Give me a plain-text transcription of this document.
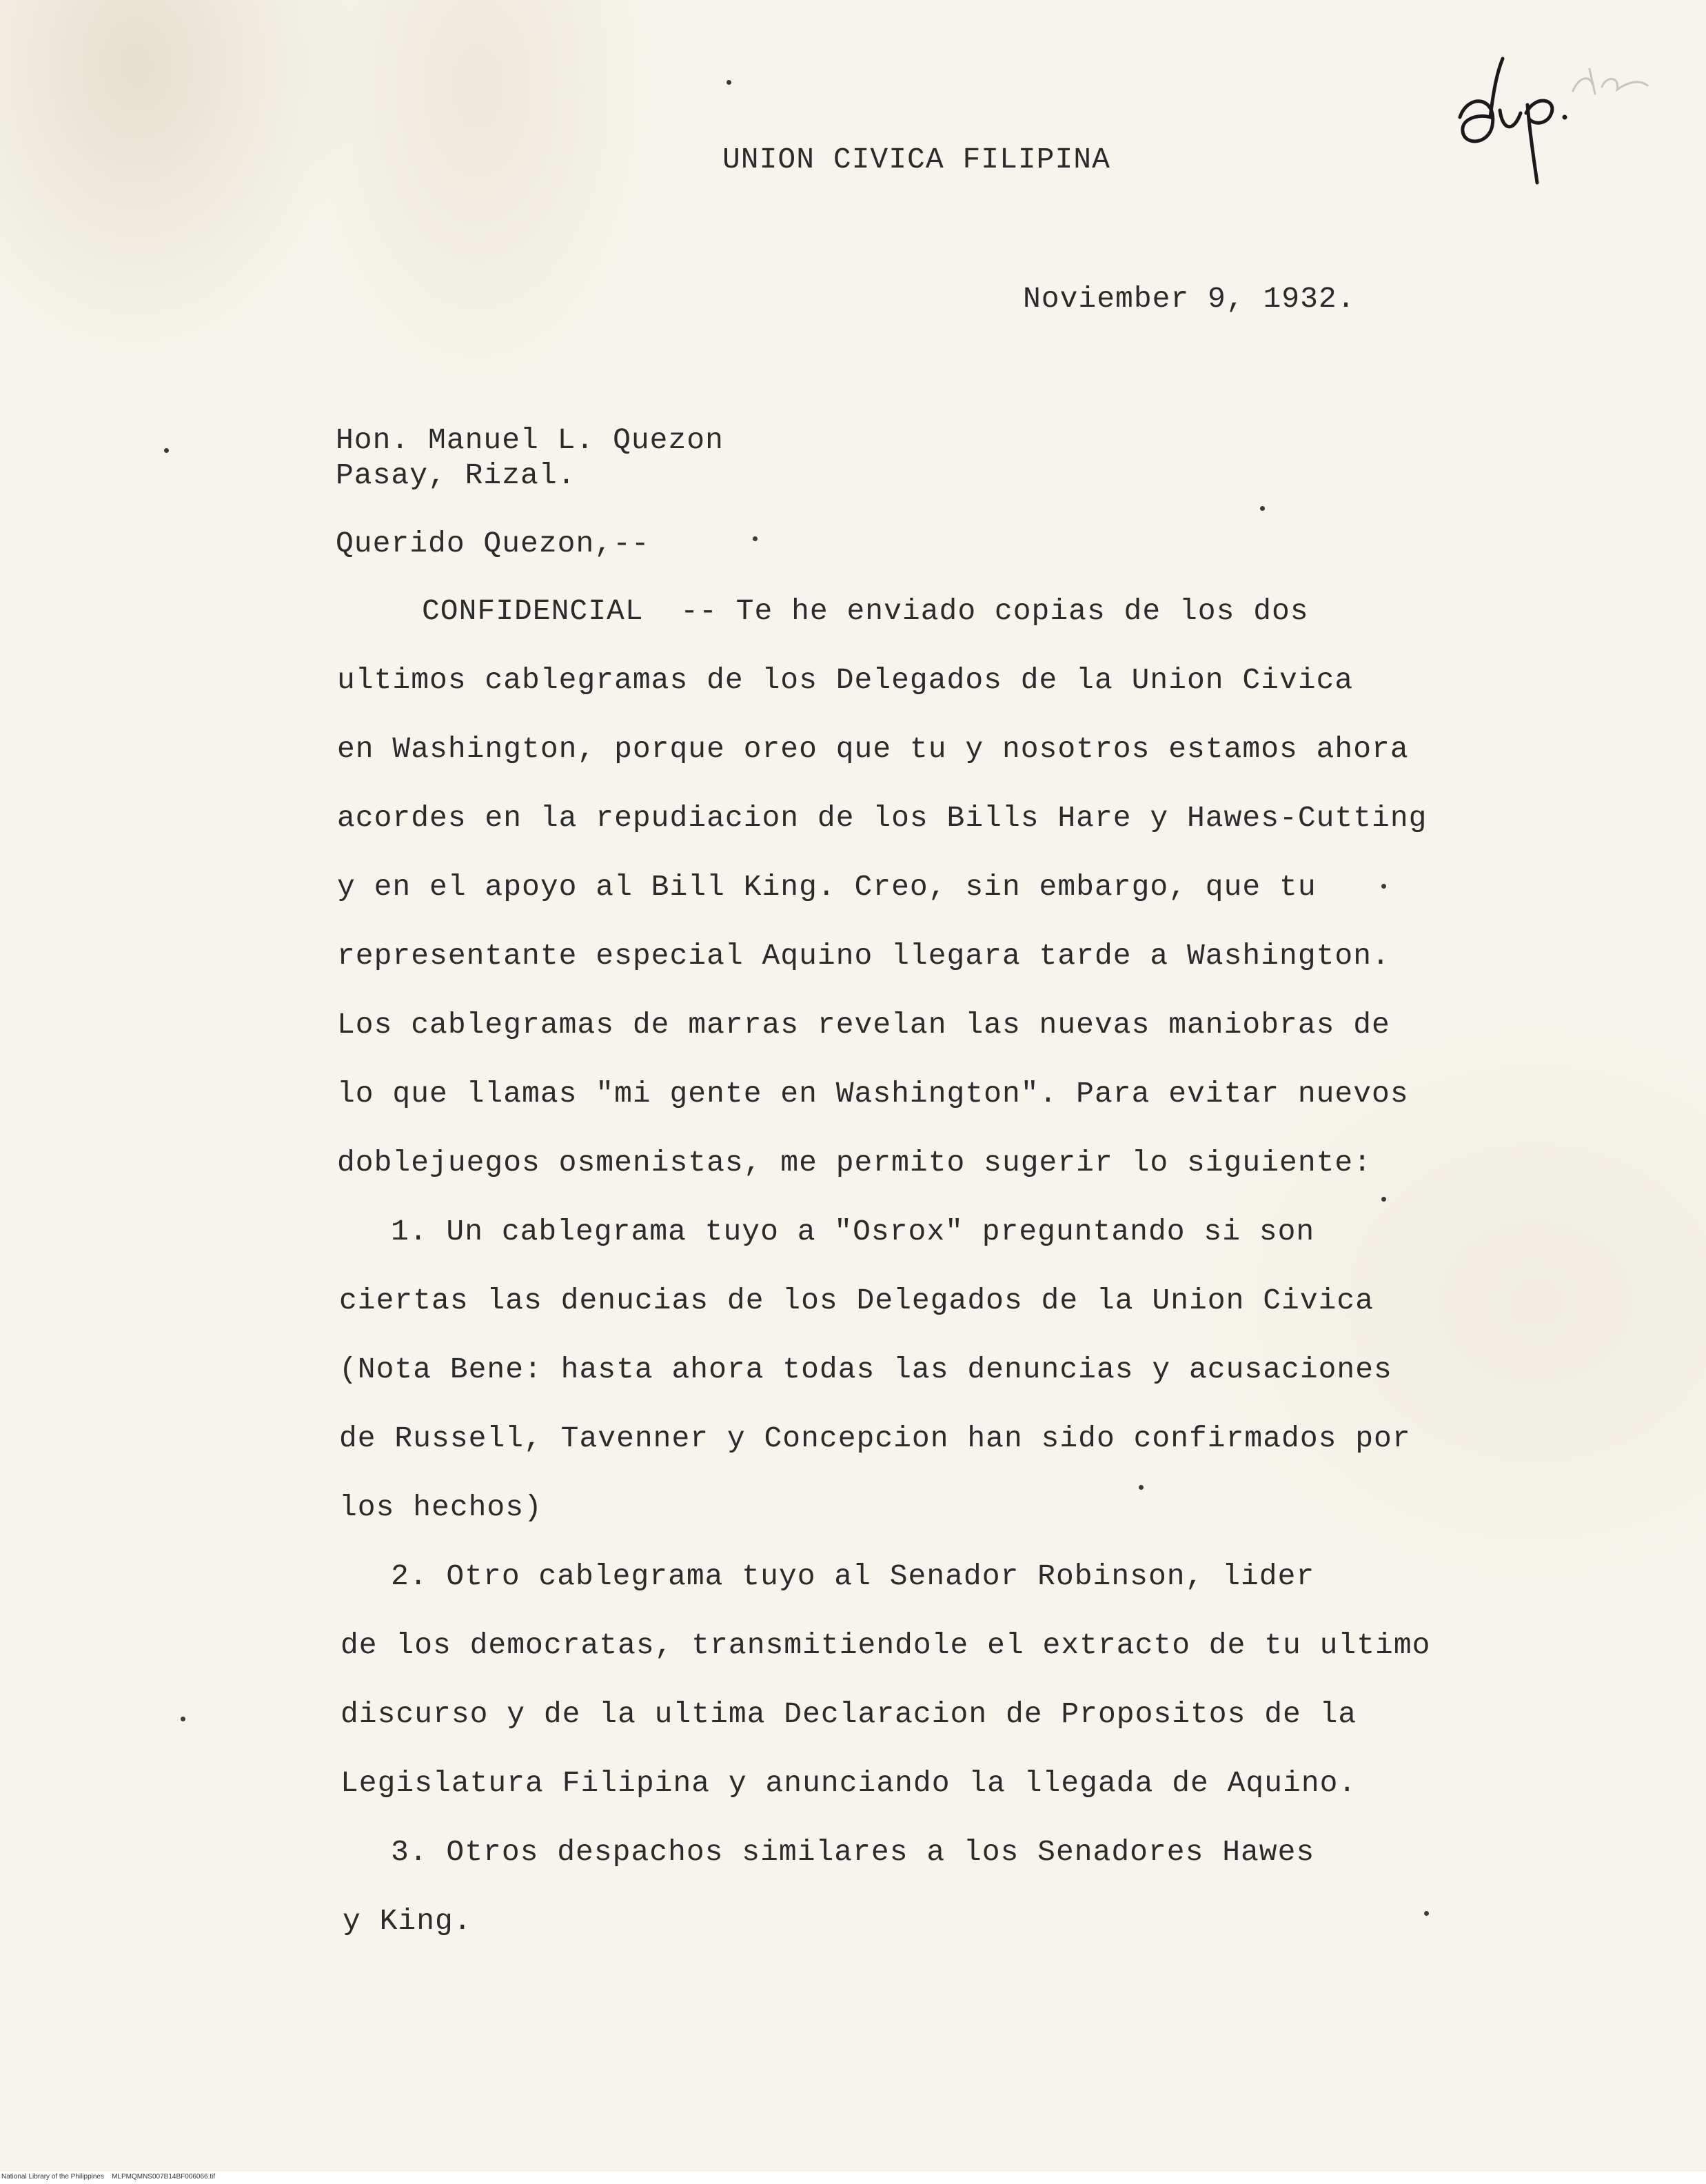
UNION CIVICA FILIPINA
Noviember 9, 1932.
Hon. Manuel L. Quezon
Pasay, Rizal.
Querido Quezon,--
CONFIDENCIAL  -- Te he enviado copias de los dos
ultimos cablegramas de los Delegados de la Union Civica
en Washington, porque oreo que tu y nosotros estamos ahora
acordes en la repudiacion de los Bills Hare y Hawes-Cutting
y en el apoyo al Bill King. Creo, sin embargo, que tu
representante especial Aquino llegara tarde a Washington.
Los cablegramas de marras revelan las nuevas maniobras de
lo que llamas "mi gente en Washington". Para evitar nuevos
doblejuegos osmenistas, me permito sugerir lo siguiente:
1. Un cablegrama tuyo a "Osrox" preguntando si son
ciertas las denucias de los Delegados de la Union Civica
(Nota Bene: hasta ahora todas las denuncias y acusaciones
de Russell, Tavenner y Concepcion han sido confirmados por
los hechos)
2. Otro cablegrama tuyo al Senador Robinson, lider
de los democratas, transmitiendole el extracto de tu ultimo
discurso y de la ultima Declaracion de Propositos de la
Legislatura Filipina y anunciando la llegada de Aquino.
3. Otros despachos similares a los Senadores Hawes
y King.
National Library of the Philippines    MLPMQMNS007B14BF006066.tif
